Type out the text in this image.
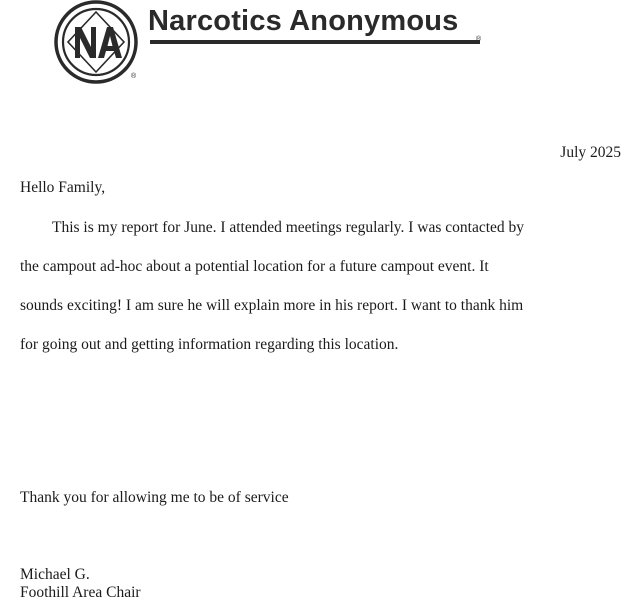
®
Narcotics Anonymous
®
July 2025
Hello Family,
This is my report for June. I attended meetings regularly. I was contacted by
the campout ad-hoc about a potential location for a future campout event. It
sounds exciting! I am sure he will explain more in his report. I want to thank him
for going out and getting information regarding this location.
Thank you for allowing me to be of service
Michael G.
Foothill Area Chair
